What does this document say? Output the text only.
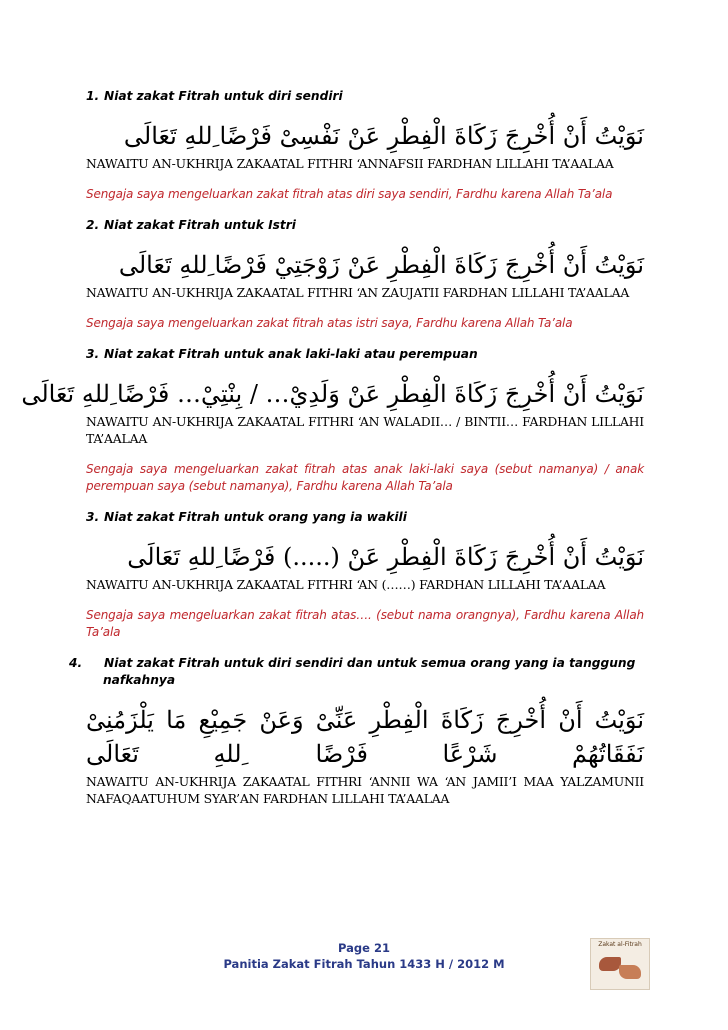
1. Niat zakat Fitrah untuk diri sendiri

نَوَيْتُ أَنْ أُخْرِجَ زَكَاةَ الْفِطْرِ عَنْ نَفْسِىْ فَرْضًا ِللهِ تَعَالَى

NAWAITU AN-UKHRIJA ZAKAATAL FITHRI ‘ANNAFSII FARDHAN LILLAHI TA’AALAA

Sengaja saya mengeluarkan zakat fitrah atas diri saya sendiri, Fardhu karena Allah Ta’ala

2. Niat zakat Fitrah untuk Istri

نَوَيْتُ أَنْ أُخْرِجَ زَكَاةَ الْفِطْرِ عَنْ زَوْجَتِيْ فَرْضًا ِللهِ تَعَالَى

NAWAITU AN-UKHRIJA ZAKAATAL FITHRI ‘AN ZAUJATII FARDHAN LILLAHI TA’AALAA

Sengaja saya mengeluarkan zakat fitrah atas istri saya, Fardhu karena Allah Ta’ala

3. Niat zakat Fitrah untuk anak laki-laki atau perempuan

نَوَيْتُ أَنْ أُخْرِجَ زَكَاةَ الْفِطْرِ عَنْ وَلَدِيْ… / بِنْتِيْ… فَرْضًا ِللهِ تَعَالَى

NAWAITU AN-UKHRIJA ZAKAATAL FITHRI ‘AN WALADII… / BINTII… FARDHAN LILLAHI TA’AALAA

Sengaja saya mengeluarkan zakat fitrah atas anak laki-laki saya (sebut namanya) / anak perempuan saya (sebut namanya), Fardhu karena Allah Ta’ala

3. Niat zakat Fitrah untuk orang yang ia wakili

نَوَيْتُ أَنْ أُخْرِجَ زَكَاةَ الْفِطْرِ عَنْ (.....) فَرْضًا ِللهِ تَعَالَى

NAWAITU AN-UKHRIJA ZAKAATAL FITHRI ‘AN (……) FARDHAN LILLAHI TA’AALAA

Sengaja saya mengeluarkan zakat fitrah atas…. (sebut nama orangnya), Fardhu karena Allah Ta’ala

4. Niat zakat Fitrah untuk diri sendiri dan untuk semua orang yang ia tanggung nafkahnya

نَوَيْتُ أَنْ أُخْرِجَ زَكَاةَ الْفِطْرِ عَنِّىْ وَعَنْ جَمِيْعِ مَا يَلْزَمُنِىْ نَفَقَاتُهُمْ شَرْعًا فَرْضًا ِللهِ تَعَالَى

NAWAITU AN-UKHRIJA ZAKAATAL FITHRI ‘ANNII WA ‘AN JAMII’I MAA YALZAMUNII NAFAQAATUHUM SYAR’AN FARDHAN LILLAHI TA’AALAA

Page 21
Panitia Zakat Fitrah Tahun 1433 H / 2012 M
Zakat al-Fitrah
